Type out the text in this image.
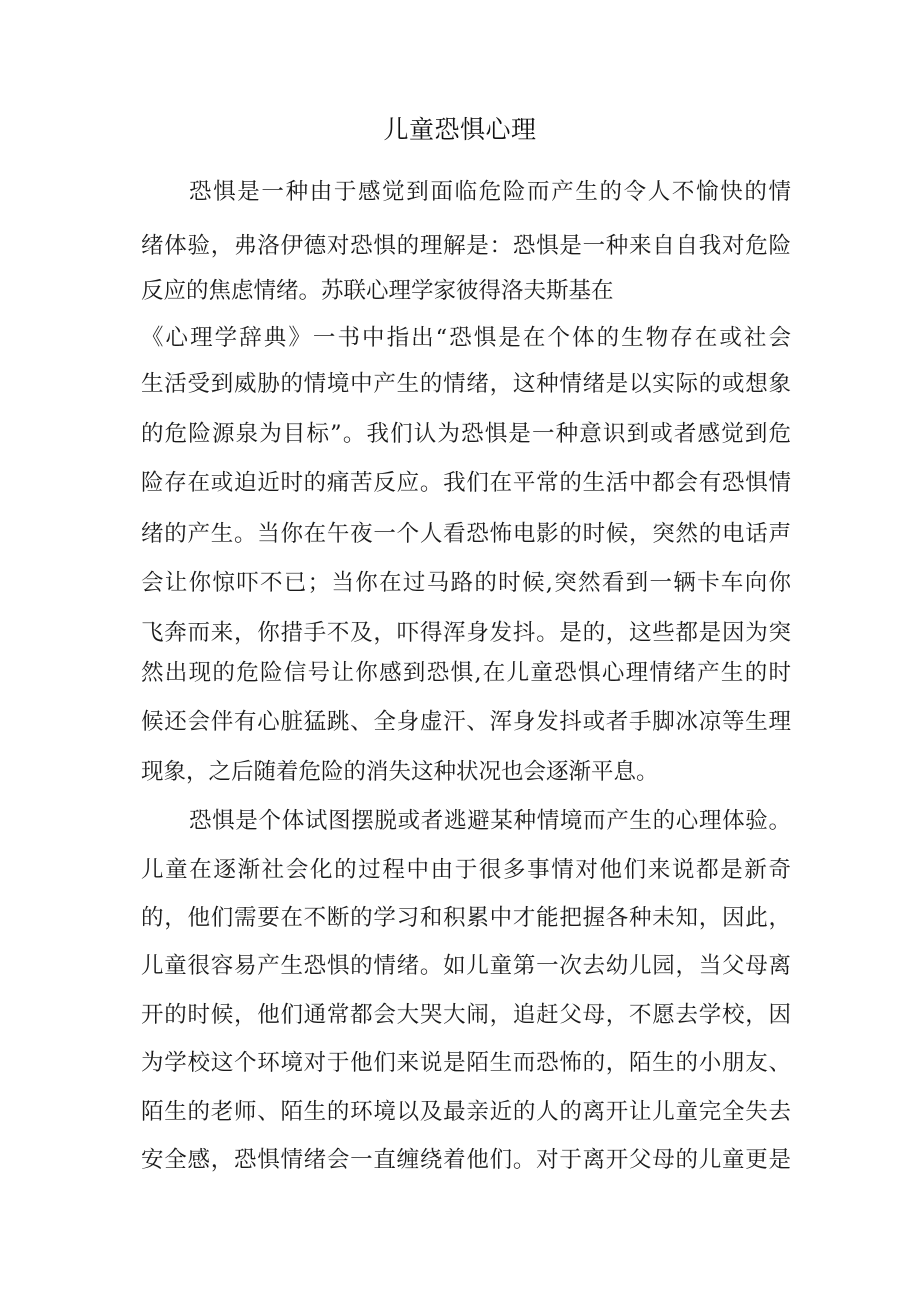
儿童恐惧心理
恐惧是一种由于感觉到面临危险而产生的令人不愉快的情
绪体验，弗洛伊德对恐惧的理解是：恐惧是一种来自自我对危险
反应的焦虑情绪。苏联心理学家彼得洛夫斯基在
《心理学辞典》一书中指出“恐惧是在个体的生物存在或社会
生活受到威胁的情境中产生的情绪，这种情绪是以实际的或想象
的危险源泉为目标”。我们认为恐惧是一种意识到或者感觉到危
险存在或迫近时的痛苦反应。我们在平常的生活中都会有恐惧情
绪的产生。当你在午夜一个人看恐怖电影的时候，突然的电话声
会让你惊吓不已；当你在过马路的时候,突然看到一辆卡车向你
飞奔而来，你措手不及，吓得浑身发抖。是的，这些都是因为突
然出现的危险信号让你感到恐惧,在儿童恐惧心理情绪产生的时
候还会伴有心脏猛跳、全身虚汗、浑身发抖或者手脚冰凉等生理
现象，之后随着危险的消失这种状况也会逐渐平息。
恐惧是个体试图摆脱或者逃避某种情境而产生的心理体验。
儿童在逐渐社会化的过程中由于很多事情对他们来说都是新奇
的，他们需要在不断的学习和积累中才能把握各种未知，因此，
儿童很容易产生恐惧的情绪。如儿童第一次去幼儿园，当父母离
开的时候，他们通常都会大哭大闹，追赶父母，不愿去学校，因
为学校这个环境对于他们来说是陌生而恐怖的，陌生的小朋友、
陌生的老师、陌生的环境以及最亲近的人的离开让儿童完全失去
安全感，恐惧情绪会一直缠绕着他们。对于离开父母的儿童更是
